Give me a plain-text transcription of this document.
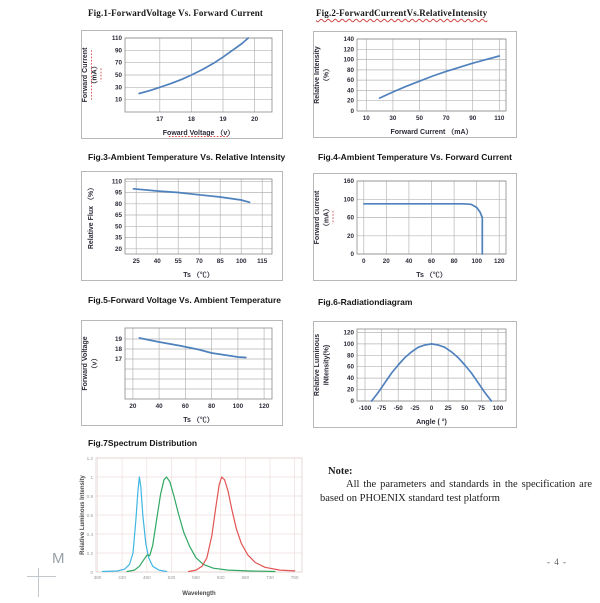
Fig.1-ForwardVoltage Vs. Forward Current	Fig.2-ForwardCurrentVs.RelativeIntensity
Fig.3-Ambient Temperature Vs. Relative Intensity	Fig.4-Ambient Temperature Vs. Forward Current
Fig.5-Forward Voltage Vs. Ambient Temperature	Fig.6-Radiationdiagram
Fig.7Spectrum Distribution
17	18	19	20
10
30
50
70
90
110
Foward Voltage （v）
Forward Current （mA）
10	30	50	70	90	110
0
20
40
60
80
100
120
140
Forward Current （mA）
Relative Intensity （%）
25 40 55 70 85 100 115
20
35
50
65
80
95
110
Ts （℃）
Relative Flux （%）
0	20 40 60 80 100 120
0
20
60
100
160
Ts （℃）
Forward current （mA）
20	40	60	80	100 120
17
18
19
Ts （℃）
Forward Voltage （v）
-100 -75 -50 -25 0 25 50 75 100
0
20
40
60
80
100
120
Angle ( °)
Relative Luminous INtensity(%)
380	430	480	530	580	630	680	730	780
0
0.2
0.4
0.6
0.8
1
1.2
Wavelength
Relative Luminous Intensity
Note:
All the parameters and standards in the specification are based on PHOENIX standard test platform
- 4 -
M
